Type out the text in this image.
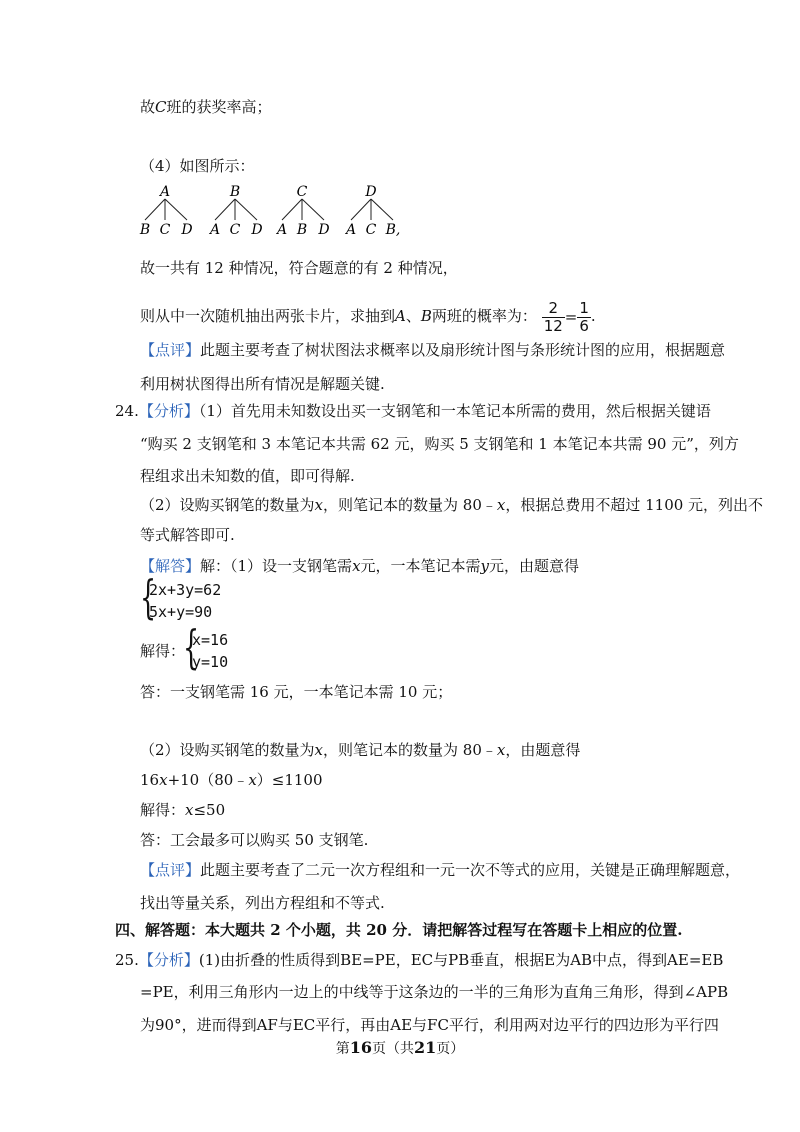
故C班的获奖率高；
（4）如图所示：
A
B C D
B
A C D
C
A B D
D
A C B,
故一共有 12 种情况，符合题意的有 2 种情况，
则从中一次随机抽出两张卡片，求抽到A、B两班的概率为： $\frac{2}{12} = \frac{1}{6}$ .
【点评】此题主要考查了树状图法求概率以及扇形统计图与条形统计图的应用，根据题意
利用树状图得出所有情况是解题关键.
24.【分析】（1）首先用未知数设出买一支钢笔和一本笔记本所需的费用，然后根据关键语
“购买 2 支钢笔和 3 本笔记本共需 62 元，购买 5 支钢笔和 1 本笔记本共需 90 元”，列方
程组求出未知数的值，即可得解.
（2）设购买钢笔的数量为x，则笔记本的数量为 80﹣x，根据总费用不超过 1100 元，列出不
等式解答即可.
【解答】解：（1）设一支钢笔需x元，一本笔记本需y元，由题意得
{
2x+3y=62
5x+y=90
解得：
{
x=16
y=10
答：一支钢笔需 16 元，一本笔记本需 10 元；
（2）设购买钢笔的数量为x，则笔记本的数量为 80﹣x，由题意得
16x+10（80﹣x）≤1100
解得：x≤50
答：工会最多可以购买 50 支钢笔.
【点评】此题主要考查了二元一次方程组和一元一次不等式的应用，关键是正确理解题意，
找出等量关系，列出方程组和不等式.
四、解答题：本大题共 2 个小题，共 20 分．请把解答过程写在答题卡上相应的位置.
25.【分析】(1)由折叠的性质得到BE=PE，EC与PB垂直，根据E为AB中点，得到AE=EB
=PE，利用三角形内一边上的中线等于这条边的一半的三角形为直角三角形，得到∠APB
为90°，进而得到AF与EC平行，再由AE与FC平行，利用两对边平行的四边形为平行四
第16页（共21页）
